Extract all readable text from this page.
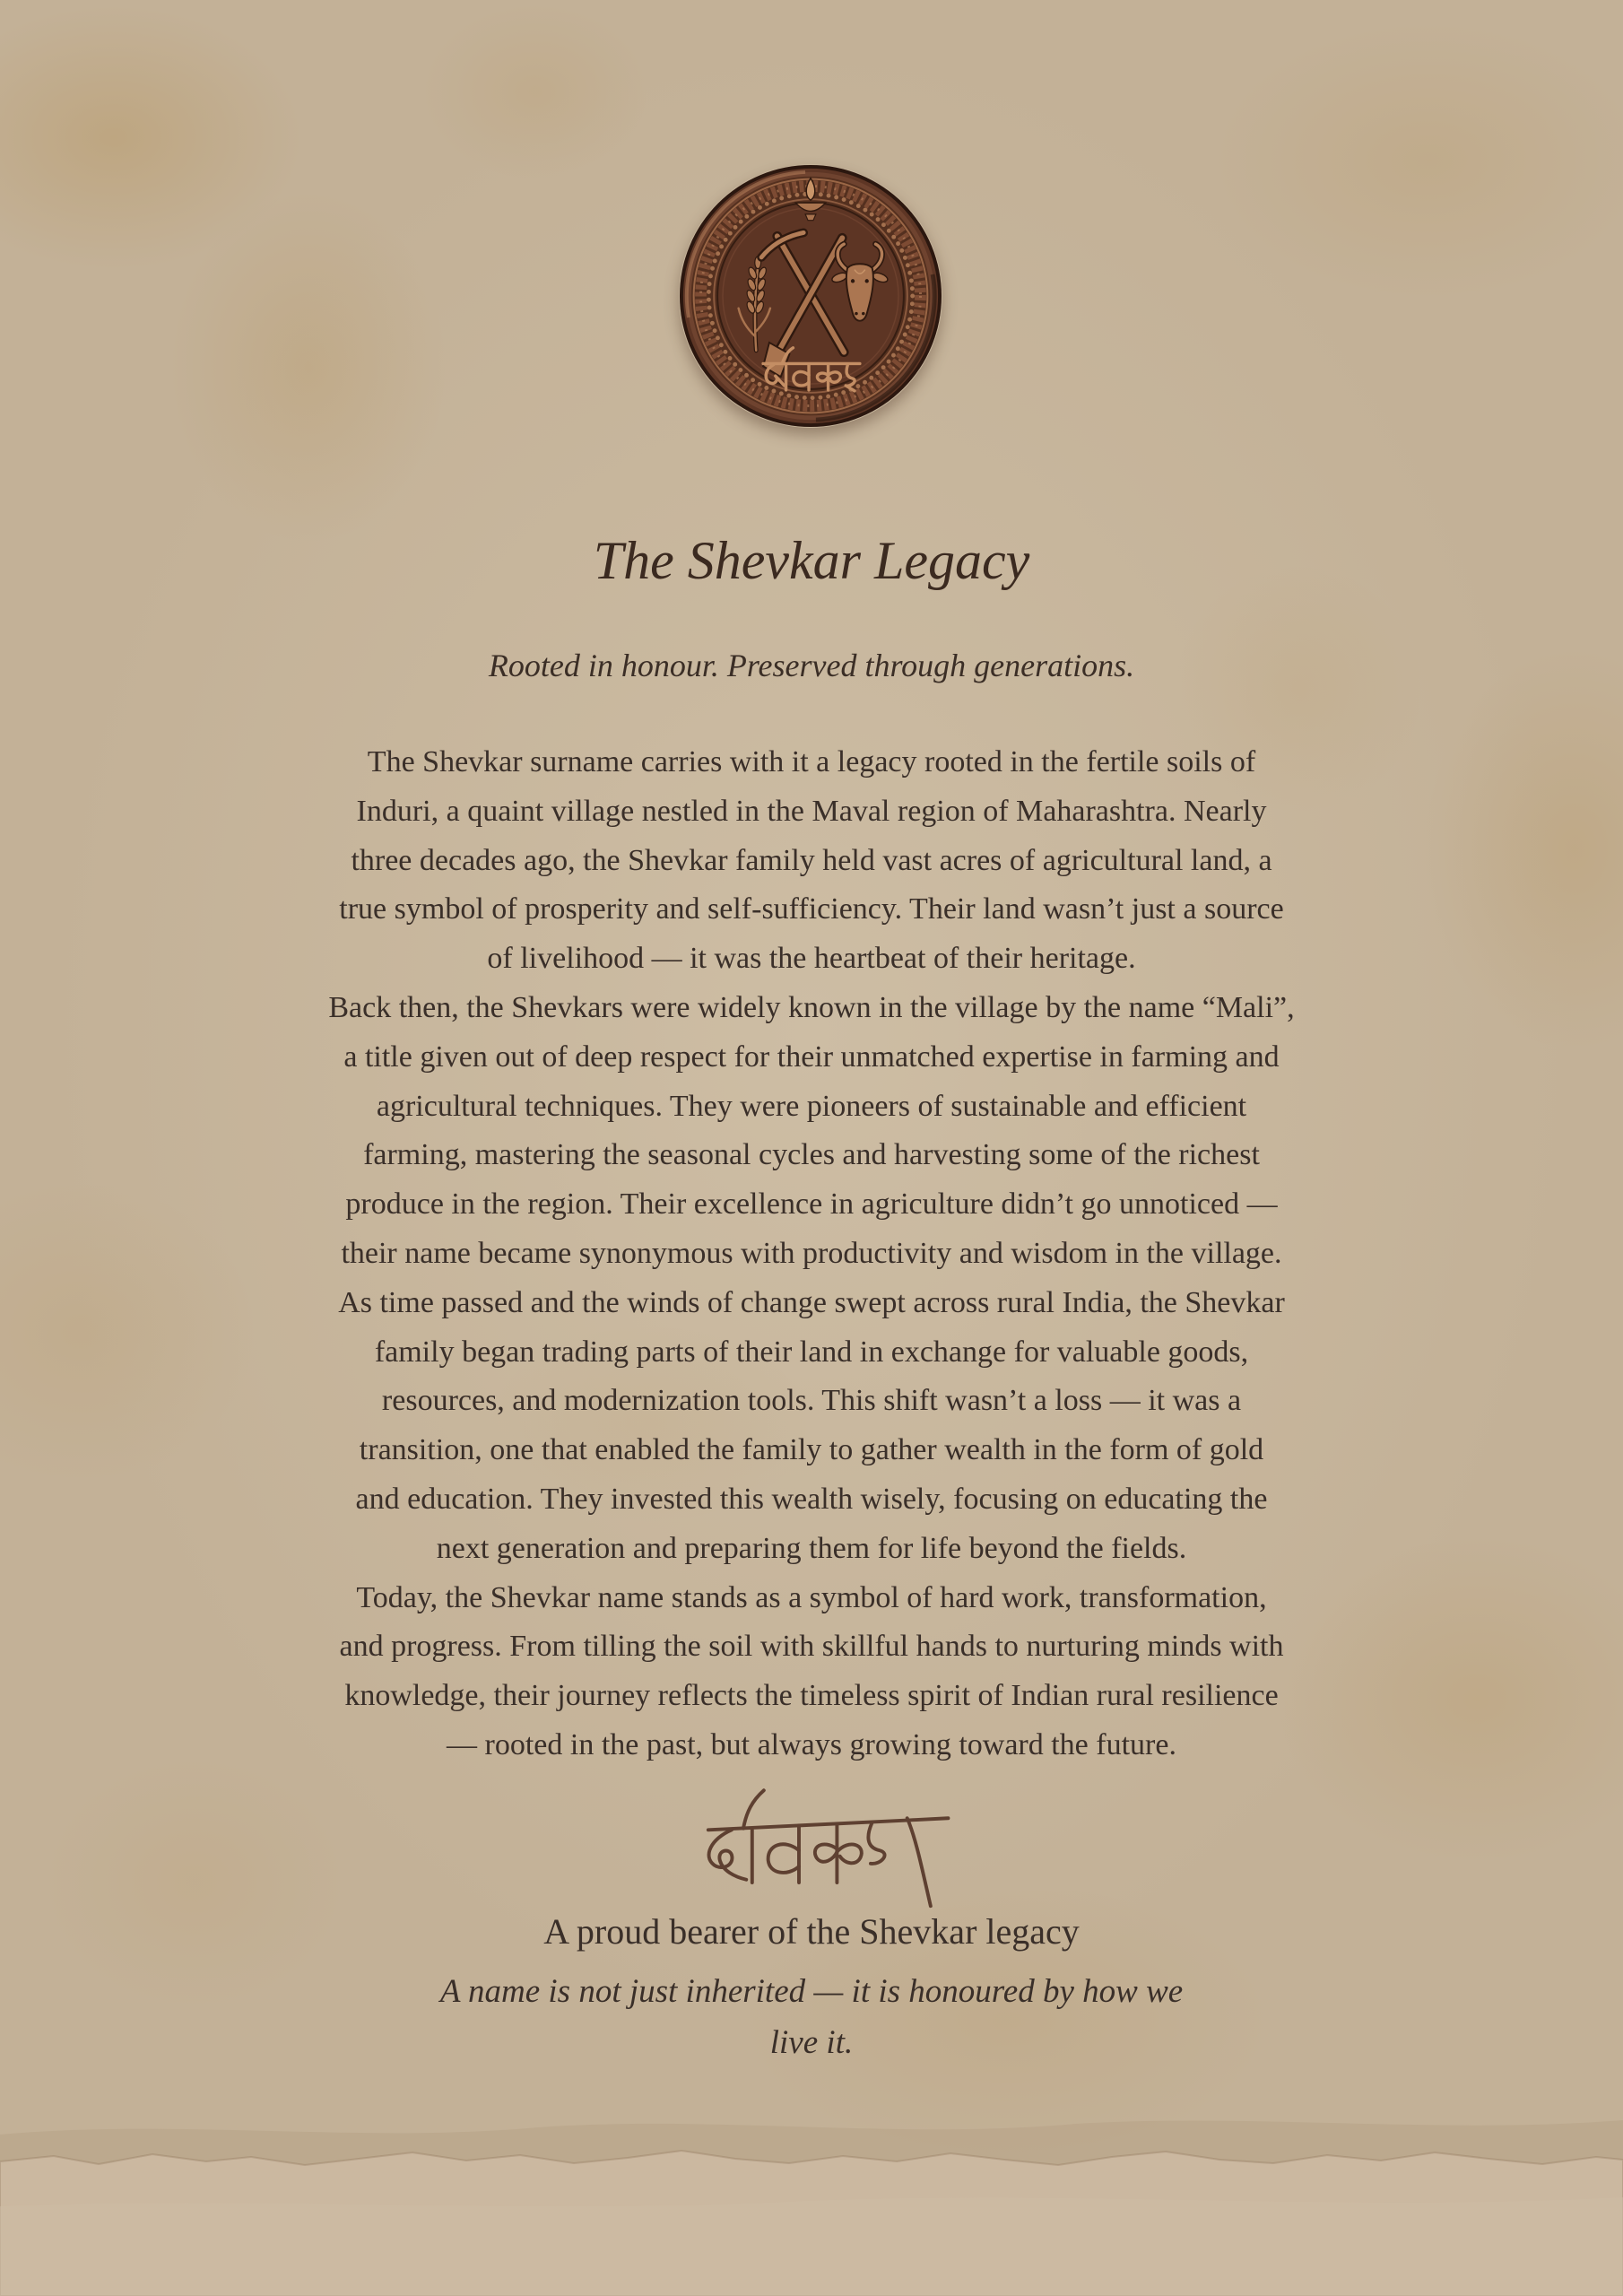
The Shevkar Legacy
Rooted in honour. Preserved through generations.
The Shevkar surname carries with it a legacy rooted in the fertile soils of
Induri, a quaint village nestled in the Maval region of Maharashtra. Nearly
three decades ago, the Shevkar family held vast acres of agricultural land, a
true symbol of prosperity and self-sufficiency. Their land wasn’t just a source
of livelihood — it was the heartbeat of their heritage.
Back then, the Shevkars were widely known in the village by the name “Mali”,
a title given out of deep respect for their unmatched expertise in farming and
agricultural techniques. They were pioneers of sustainable and efficient
farming, mastering the seasonal cycles and harvesting some of the richest
produce in the region. Their excellence in agriculture didn’t go unnoticed —
their name became synonymous with productivity and wisdom in the village.
As time passed and the winds of change swept across rural India, the Shevkar
family began trading parts of their land in exchange for valuable goods,
resources, and modernization tools. This shift wasn’t a loss — it was a
transition, one that enabled the family to gather wealth in the form of gold
and education. They invested this wealth wisely, focusing on educating the
next generation and preparing them for life beyond the fields.
Today, the Shevkar name stands as a symbol of hard work, transformation,
and progress. From tilling the soil with skillful hands to nurturing minds with
knowledge, their journey reflects the timeless spirit of Indian rural resilience
— rooted in the past, but always growing toward the future.
A proud bearer of the Shevkar legacy
A name is not just inherited — it is honoured by how we
live it.
